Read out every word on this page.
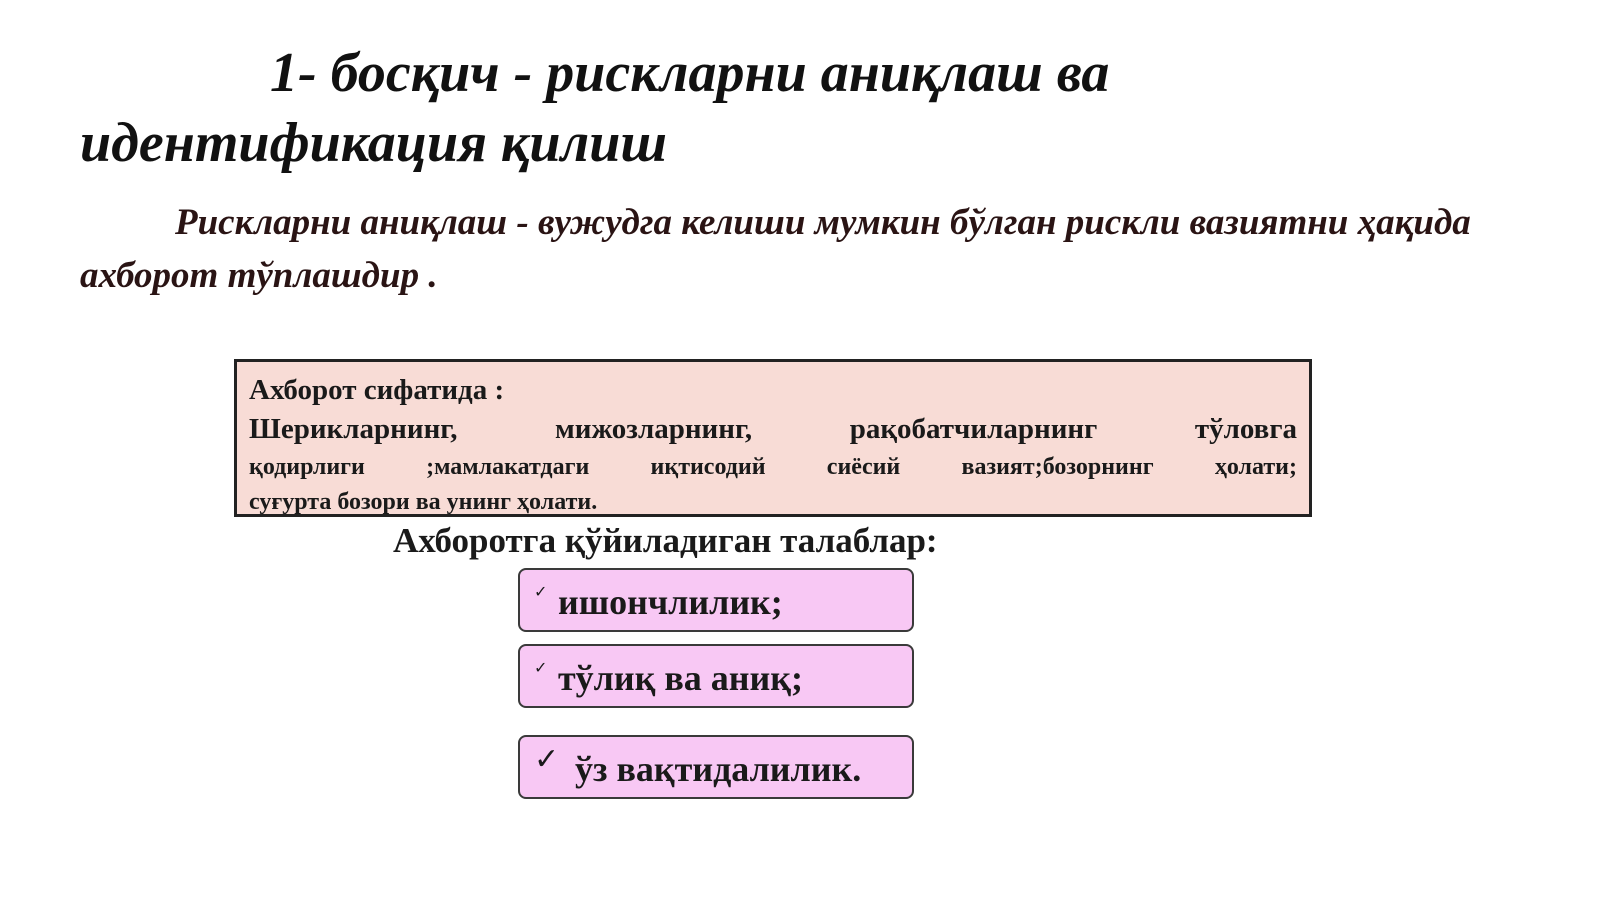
1- босқич - рискларни аниқлаш ва
идентификация қилиш
Рискларни аниқлаш - вужудга келиши мумкин бўлган рискли вазиятни ҳақида ахборот тўплашдир .
Ахборот сифатида :
Шерикларнинг, мижозларнинг, рақобатчиларнинг тўловга
қодирлиги ;мамлакатдаги иқтисодий сиёсий вазият;бозорнинг ҳолати;
суғурта бозори ва унинг ҳолати.
Ахборотга қўйиладиган талаблар:
✓ ишончлилик;
✓ тўлиқ ва аниқ;
✓ ўз вақтидалилик.
